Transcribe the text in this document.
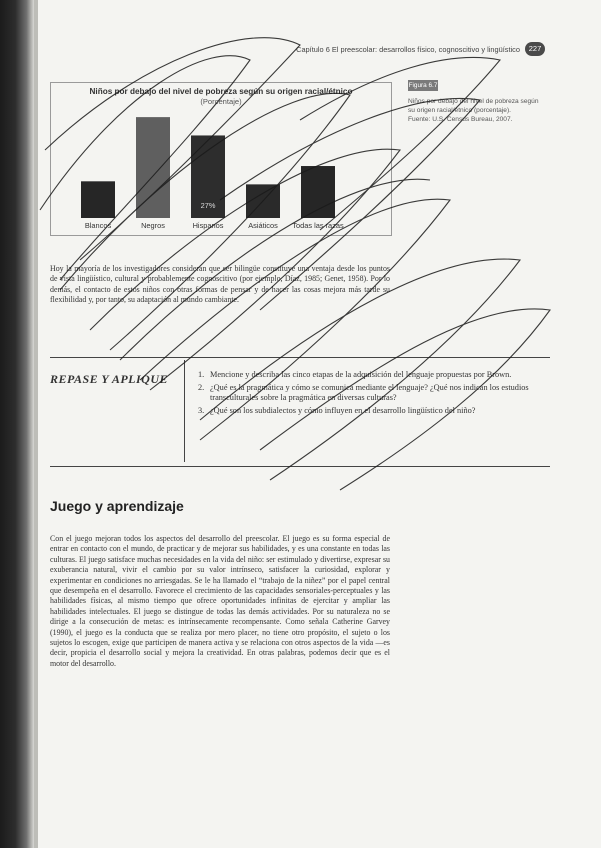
Capítulo 6 El preescolar: desarrollos físico, cognoscitivo y lingüístico	227
Niños por debajo del nivel de pobreza según su origen racial/étnico
(Porcentaje)
Blancos	Negros	Hispanos
27%
Asiáticos Todas las razas
Figura 6.7
Niños por debajo del nivel de pobreza según
su origen racial/étnico (porcentaje).
Fuente: U.S. Census Bureau, 2007.
Hoy la mayoría de los investigadores consideran que ser bilingüe constituye una ventaja desde los puntos de vista lingüístico, cultural y probablemente cognoscitivo (por ejemplo, Díaz, 1985; Genet, 1958). Por lo demás, el contacto de estos niños con otras formas de pensar y de hacer las cosas mejora más tarde su flexibilidad y, por tanto, su adaptación al mundo cambiante.
REPASE Y APLIQUE	1. Mencione y describa las cinco etapas de la adquisición del lenguaje propuestas por Brown.
2. ¿Qué es la pragmática y cómo se comunica mediante el lenguaje? ¿Qué nos indican los estudios transculturales sobre la pragmática en diversas culturas?
3. ¿Qué son los subdialectos y cómo influyen en el desarrollo lingüístico del niño?
Juego y aprendizaje
Con el juego mejoran todos los aspectos del desarrollo del preescolar. El juego es su forma especial de entrar en contacto con el mundo, de practicar y de mejorar sus habilidades, y es una constante en todas las culturas. El juego satisface muchas necesidades en la vida del niño: ser estimulado y divertirse, expresar su exuberancia natural, vivir el cambio por su valor intrínseco, satisfacer la curiosidad, explorar y experimentar en condiciones no arriesgadas. Se le ha llamado el “trabajo de la niñez” por el papel central que desempeña en el desarrollo. Favorece el crecimiento de las capacidades sensoriales-perceptuales y las habilidades físicas, al mismo tiempo que ofrece oportunidades infinitas de ejercitar y ampliar las habilidades intelectuales. El juego se distingue de todas las demás actividades. Por su naturaleza no se dirige a la consecución de metas: es intrínsecamente recompensante. Como señala Catherine Garvey (1990), el juego es la conducta que se realiza por mero placer, no tiene otro propósito, el sujeto o los sujetos lo escogen, exige que participen de manera activa y se relaciona con otros aspectos de la vida —es decir, propicia el desarrollo social y mejora la creatividad. En otras palabras, podemos decir que es el motor del desarrollo.
